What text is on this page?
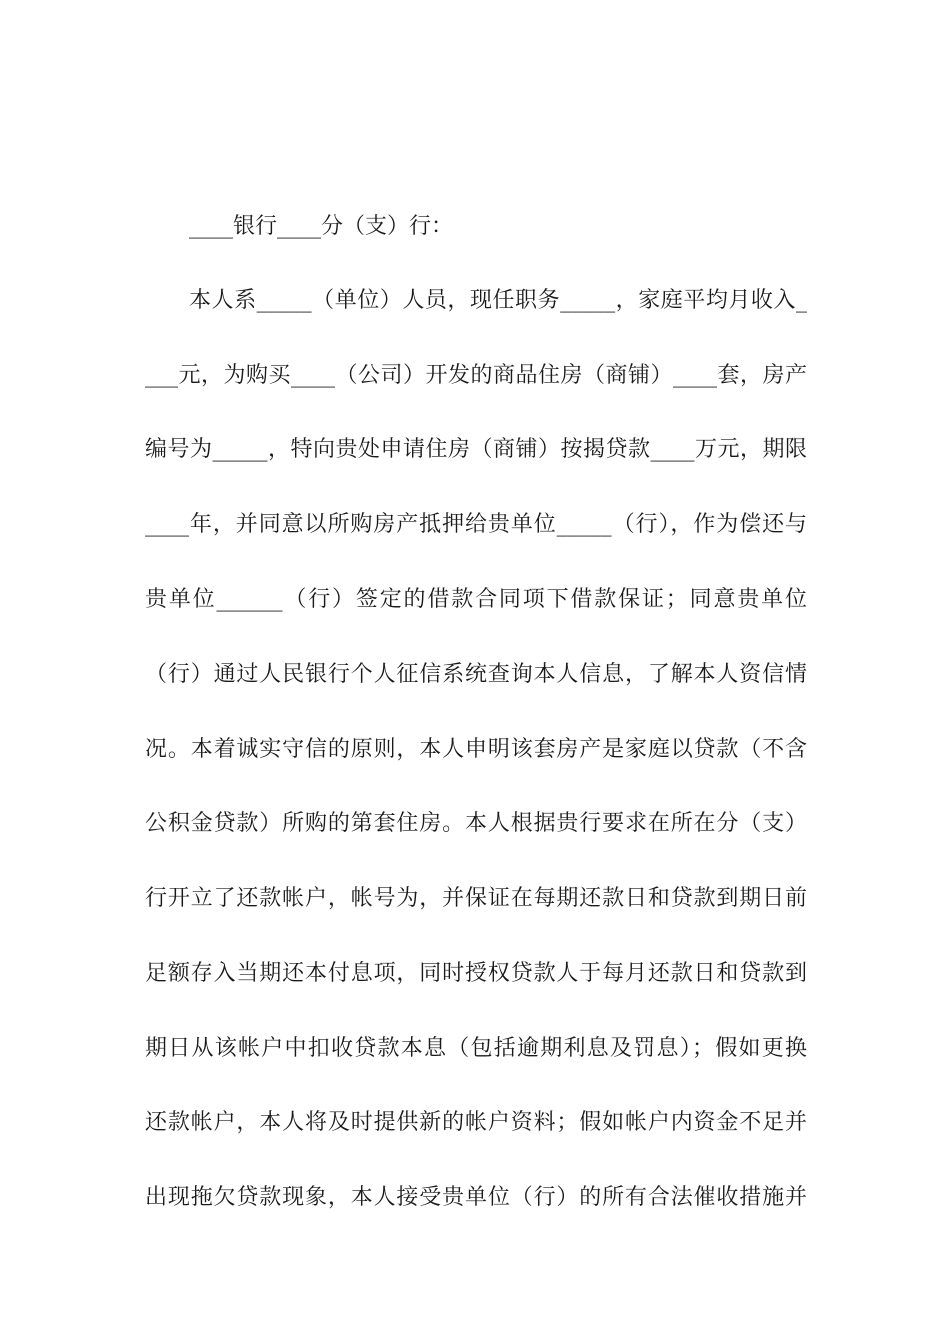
____银行____分（支）行：
本人系_____（单位）人员，现任职务_____，家庭平均月收入_
___元，为购买____（公司）开发的商品住房（商铺）____套，房产
编号为_____，特向贵处申请住房（商铺）按揭贷款____万元，期限
____年，并同意以所购房产抵押给贵单位_____（行），作为偿还与
贵单位______（行）签定的借款合同项下借款保证；同意贵单位
（行）通过人民银行个人征信系统查询本人信息，了解本人资信情
况。本着诚实守信的原则，本人申明该套房产是家庭以贷款（不含
公积金贷款）所购的第套住房。本人根据贵行要求在所在分（支）
行开立了还款帐户，帐号为，并保证在每期还款日和贷款到期日前
足额存入当期还本付息项，同时授权贷款人于每月还款日和贷款到
期日从该帐户中扣收贷款本息（包括逾期利息及罚息）；假如更换
还款帐户，本人将及时提供新的帐户资料；假如帐户内资金不足并
出现拖欠贷款现象，本人接受贵单位（行）的所有合法催收措施并
